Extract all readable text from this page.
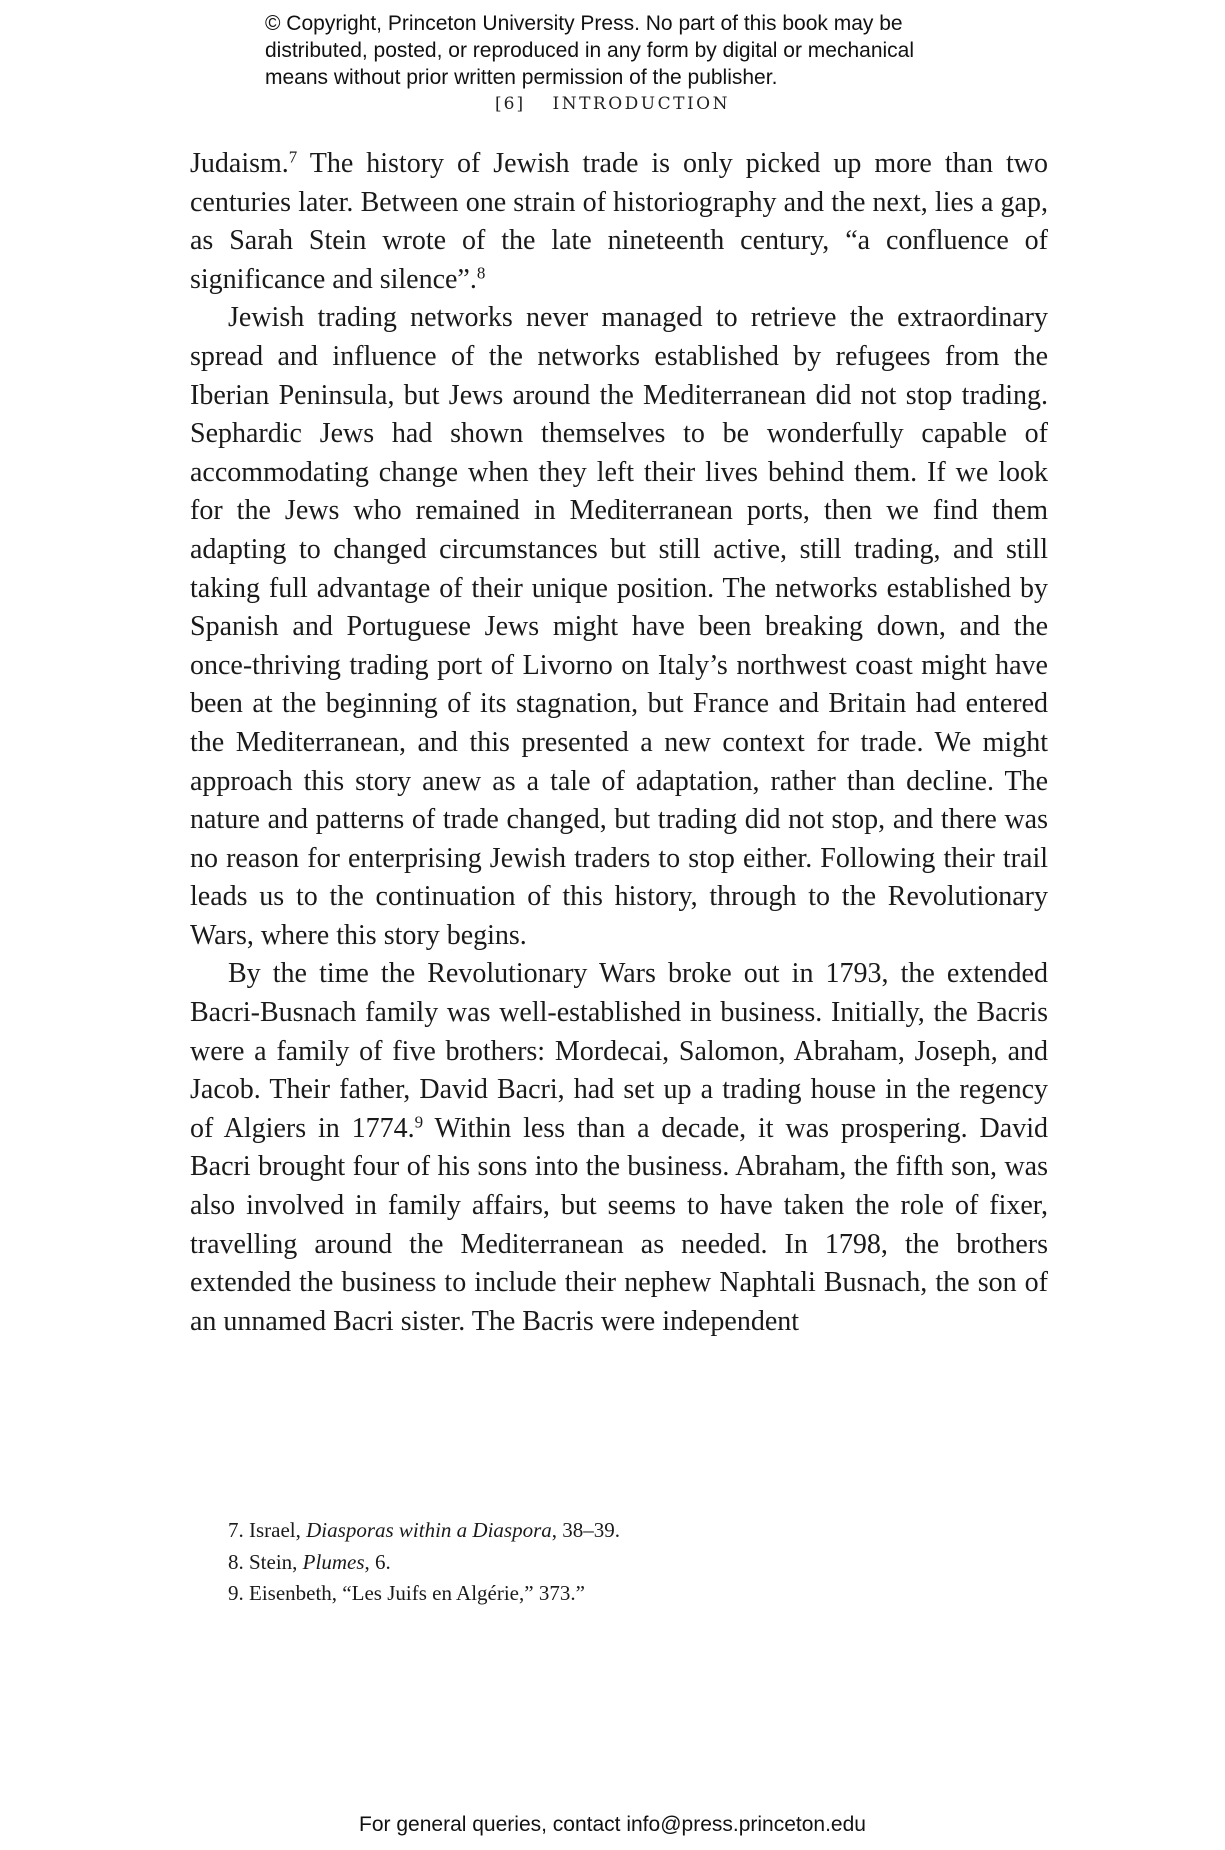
© Copyright, Princeton University Press. No part of this book may be
distributed, posted, or reproduced in any form by digital or mechanical
means without prior written permission of the publisher.
[6] INTRODUCTION

Judaism.$^7$ The history of Jewish trade is only picked up more than two centuries later. Between one strain of historiography and the next, lies a gap, as Sarah Stein wrote of the late nineteenth century, “a confluence of significance and silence”.$^8$

Jewish trading networks never managed to retrieve the extraordinary spread and influence of the networks established by refugees from the Iberian Peninsula, but Jews around the Mediterranean did not stop trading. Sephardic Jews had shown themselves to be wonderfully capable of accommodating change when they left their lives behind them. If we look for the Jews who remained in Mediterranean ports, then we find them adapting to changed circumstances but still active, still trading, and still taking full advantage of their unique position. The networks established by Spanish and Portuguese Jews might have been breaking down, and the once-thriving trading port of Livorno on Italy’s northwest coast might have been at the beginning of its stagnation, but France and Britain had entered the Mediterranean, and this presented a new context for trade. We might approach this story anew as a tale of adaptation, rather than decline. The nature and patterns of trade changed, but trading did not stop, and there was no reason for enterprising Jewish traders to stop either. Following their trail leads us to the continuation of this history, through to the Revolutionary Wars, where this story begins.

By the time the Revolutionary Wars broke out in 1793, the extended Bacri-Busnach family was well-established in business. Initially, the Bacris were a family of five brothers: Mordecai, Salomon, Abraham, Joseph, and Jacob. Their father, David Bacri, had set up a trading house in the regency of Algiers in 1774.$^9$ Within less than a decade, it was prospering. David Bacri brought four of his sons into the business. Abraham, the fifth son, was also involved in family affairs, but seems to have taken the role of fixer, travelling around the Mediterranean as needed. In 1798, the brothers extended the business to include their nephew Naphtali Busnach, the son of an unnamed Bacri sister. The Bacris were independent

7. Israel, Diasporas within a Diaspora, 38–39.
8. Stein, Plumes, 6.
9. Eisenbeth, “Les Juifs en Algérie,” 373.”
For general queries, contact info@press.princeton.edu
